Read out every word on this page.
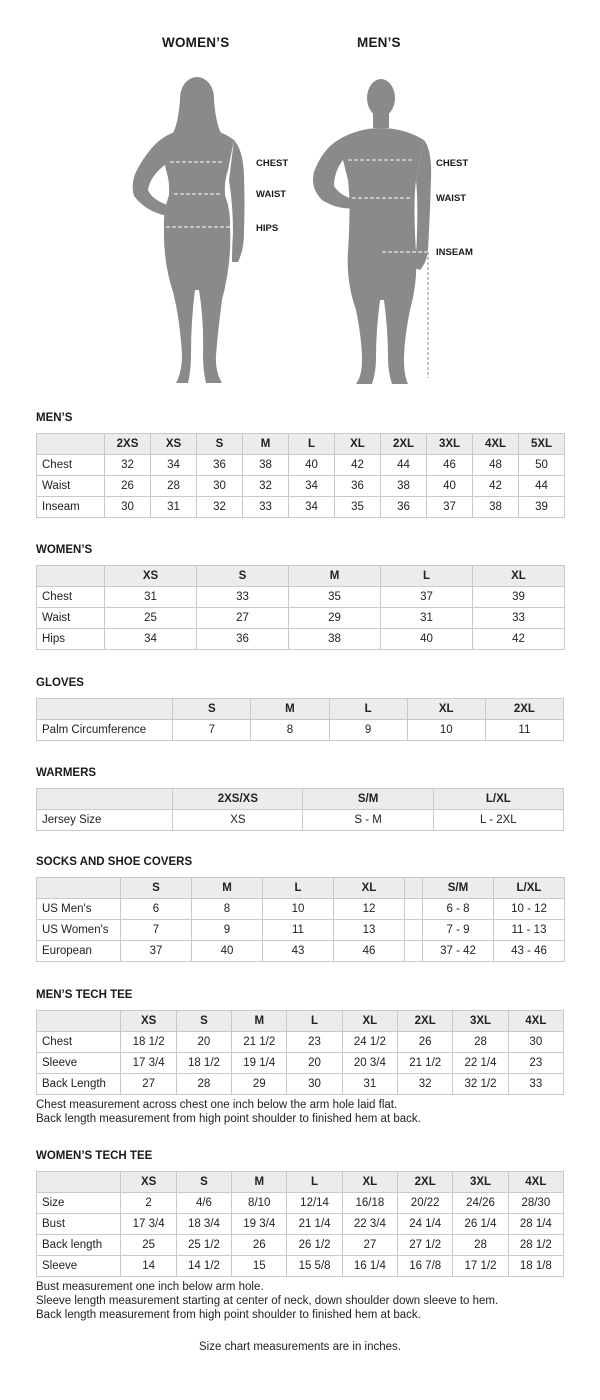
WOMEN’S	MEN’S
CHEST
WAIST
HIPS
CHEST
WAIST
INSEAM
MEN’S
	2XS	XS	S	M	L	XL	2XL	3XL	4XL	5XL
Chest	32	34	36	38	40	42	44	46	48	50
Waist	26	28	30	32	34	36	38	40	42	44
Inseam	30	31	32	33	34	35	36	37	38	39
WOMEN’S
	XS	S	M	L	XL
Chest	31	33	35	37	39
Waist	25	27	29	31	33
Hips	34	36	38	40	42
GLOVES
	S	M	L	XL	2XL
Palm Circumference	7	8	9	10	11
WARMERS
	2XS/XS	S/M	L/XL
Jersey Size	XS	S - M	L - 2XL
SOCKS AND SHOE COVERS
	S	M	L	XL		S/M	L/XL
US Men's	6	8	10	12		6 - 8	10 - 12
US Women's	7	9	11	13		7 - 9	11 - 13
European	37	40	43	46		37 - 42	43 - 46
MEN’S TECH TEE
	XS	S	M	L	XL	2XL	3XL	4XL
Chest	18 1/2	20	21 1/2	23	24 1/2	26	28	30
Sleeve	17 3/4	18 1/2	19 1/4	20	20 3/4	21 1/2	22 1/4	23
Back Length	27	28	29	30	31	32	32 1/2	33
Chest measurement across chest one inch below the arm hole laid flat.
Back length measurement from high point shoulder to finished hem at back.
WOMEN’S TECH TEE
	XS	S	M	L	XL	2XL	3XL	4XL
Size	2	4/6	8/10	12/14	16/18	20/22	24/26	28/30
Bust	17 3/4	18 3/4	19 3/4	21 1/4	22 3/4	24 1/4	26 1/4	28 1/4
Back length	25	25 1/2	26	26 1/2	27	27 1/2	28	28 1/2
Sleeve	14	14 1/2	15	15 5/8	16 1/4	16 7/8	17 1/2	18 1/8
Bust measurement one inch below arm hole.
Sleeve length measurement starting at center of neck, down shoulder down sleeve to hem.
Back length measurement from high point shoulder to finished hem at back.
Size chart measurements are in inches.
